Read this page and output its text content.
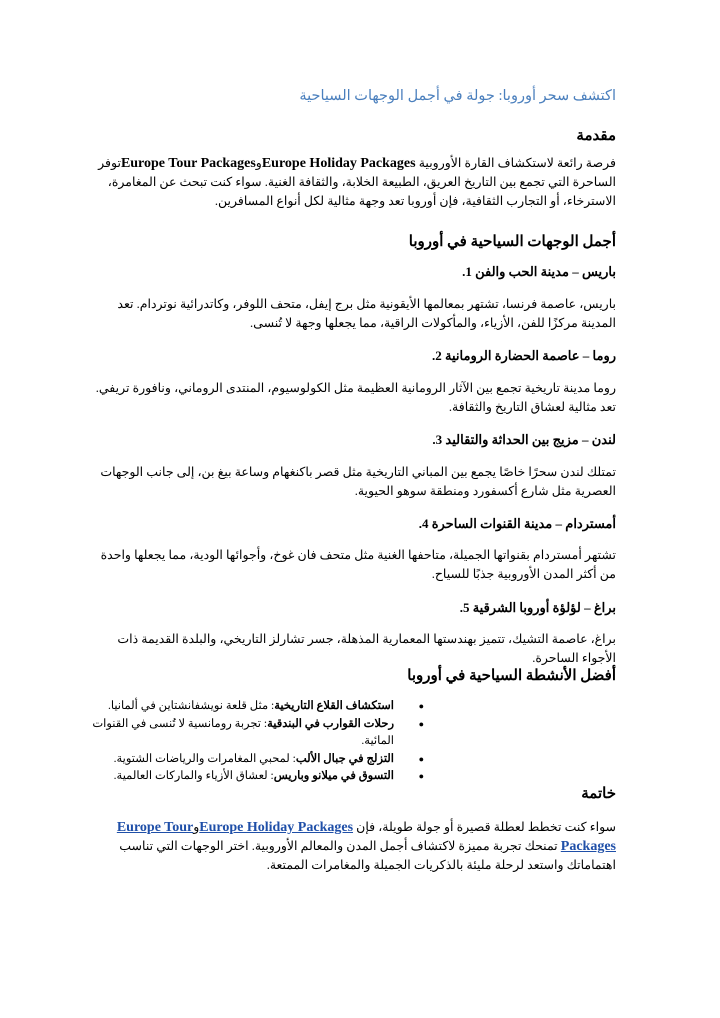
اكتشف سحر أوروبا: جولة في أجمل الوجهات السياحية
مقدمة
فرصة رائعة لاستكشاف القارة الأوروبية Europe Holiday PackagesوEurope Tour Packagesتوفر الساحرة التي تجمع بين التاريخ العريق، الطبيعة الخلابة، والثقافة الغنية. سواء كنت تبحث عن المغامرة، الاسترخاء، أو التجارب الثقافية، فإن أوروبا تعد وجهة مثالية لكل أنواع المسافرين.
أجمل الوجهات السياحية في أوروبا
باريس – مدينة الحب والفن 1.
باريس، عاصمة فرنسا، تشتهر بمعالمها الأيقونية مثل برج إيفل، متحف اللوفر، وكاتدرائية نوتردام. تعد المدينة مركزًا للفن، الأزياء، والمأكولات الراقية، مما يجعلها وجهة لا تُنسى.
روما – عاصمة الحضارة الرومانية 2.
روما مدينة تاريخية تجمع بين الآثار الرومانية العظيمة مثل الكولوسيوم، المنتدى الروماني، ونافورة تريفي. تعد مثالية لعشاق التاريخ والثقافة.
لندن – مزيج بين الحداثة والتقاليد 3.
تمتلك لندن سحرًا خاصًا يجمع بين المباني التاريخية مثل قصر باكنغهام وساعة بيغ بن، إلى جانب الوجهات العصرية مثل شارع أكسفورد ومنطقة سوهو الحيوية.
أمستردام – مدينة القنوات الساحرة 4.
تشتهر أمستردام بقنواتها الجميلة، متاحفها الغنية مثل متحف فان غوخ، وأجوائها الودية، مما يجعلها واحدة من أكثر المدن الأوروبية جذبًا للسياح.
براغ – لؤلؤة أوروبا الشرقية 5.
براغ، عاصمة التشيك، تتميز بهندستها المعمارية المذهلة، جسر تشارلز التاريخي، والبلدة القديمة ذات الأجواء الساحرة.
أفضل الأنشطة السياحية في أوروبا
●
استكشاف القلاع التاريخية: مثل قلعة نويشفانشتاين في ألمانيا.
●
رحلات القوارب في البندقية: تجربة رومانسية لا تُنسى في القنوات المائية.
●
التزلج في جبال الألب: لمحبي المغامرات والرياضات الشتوية.
●
التسوق في ميلانو وباريس: لعشاق الأزياء والماركات العالمية.
خاتمة
سواء كنت تخطط لعطلة قصيرة أو جولة طويلة، فإن Europe Holiday PackagesوEurope Tour Packages تمنحك تجربة مميزة لاكتشاف أجمل المدن والمعالم الأوروبية. اختر الوجهات التي تناسب اهتماماتك واستعد لرحلة مليئة بالذكريات الجميلة والمغامرات الممتعة.
